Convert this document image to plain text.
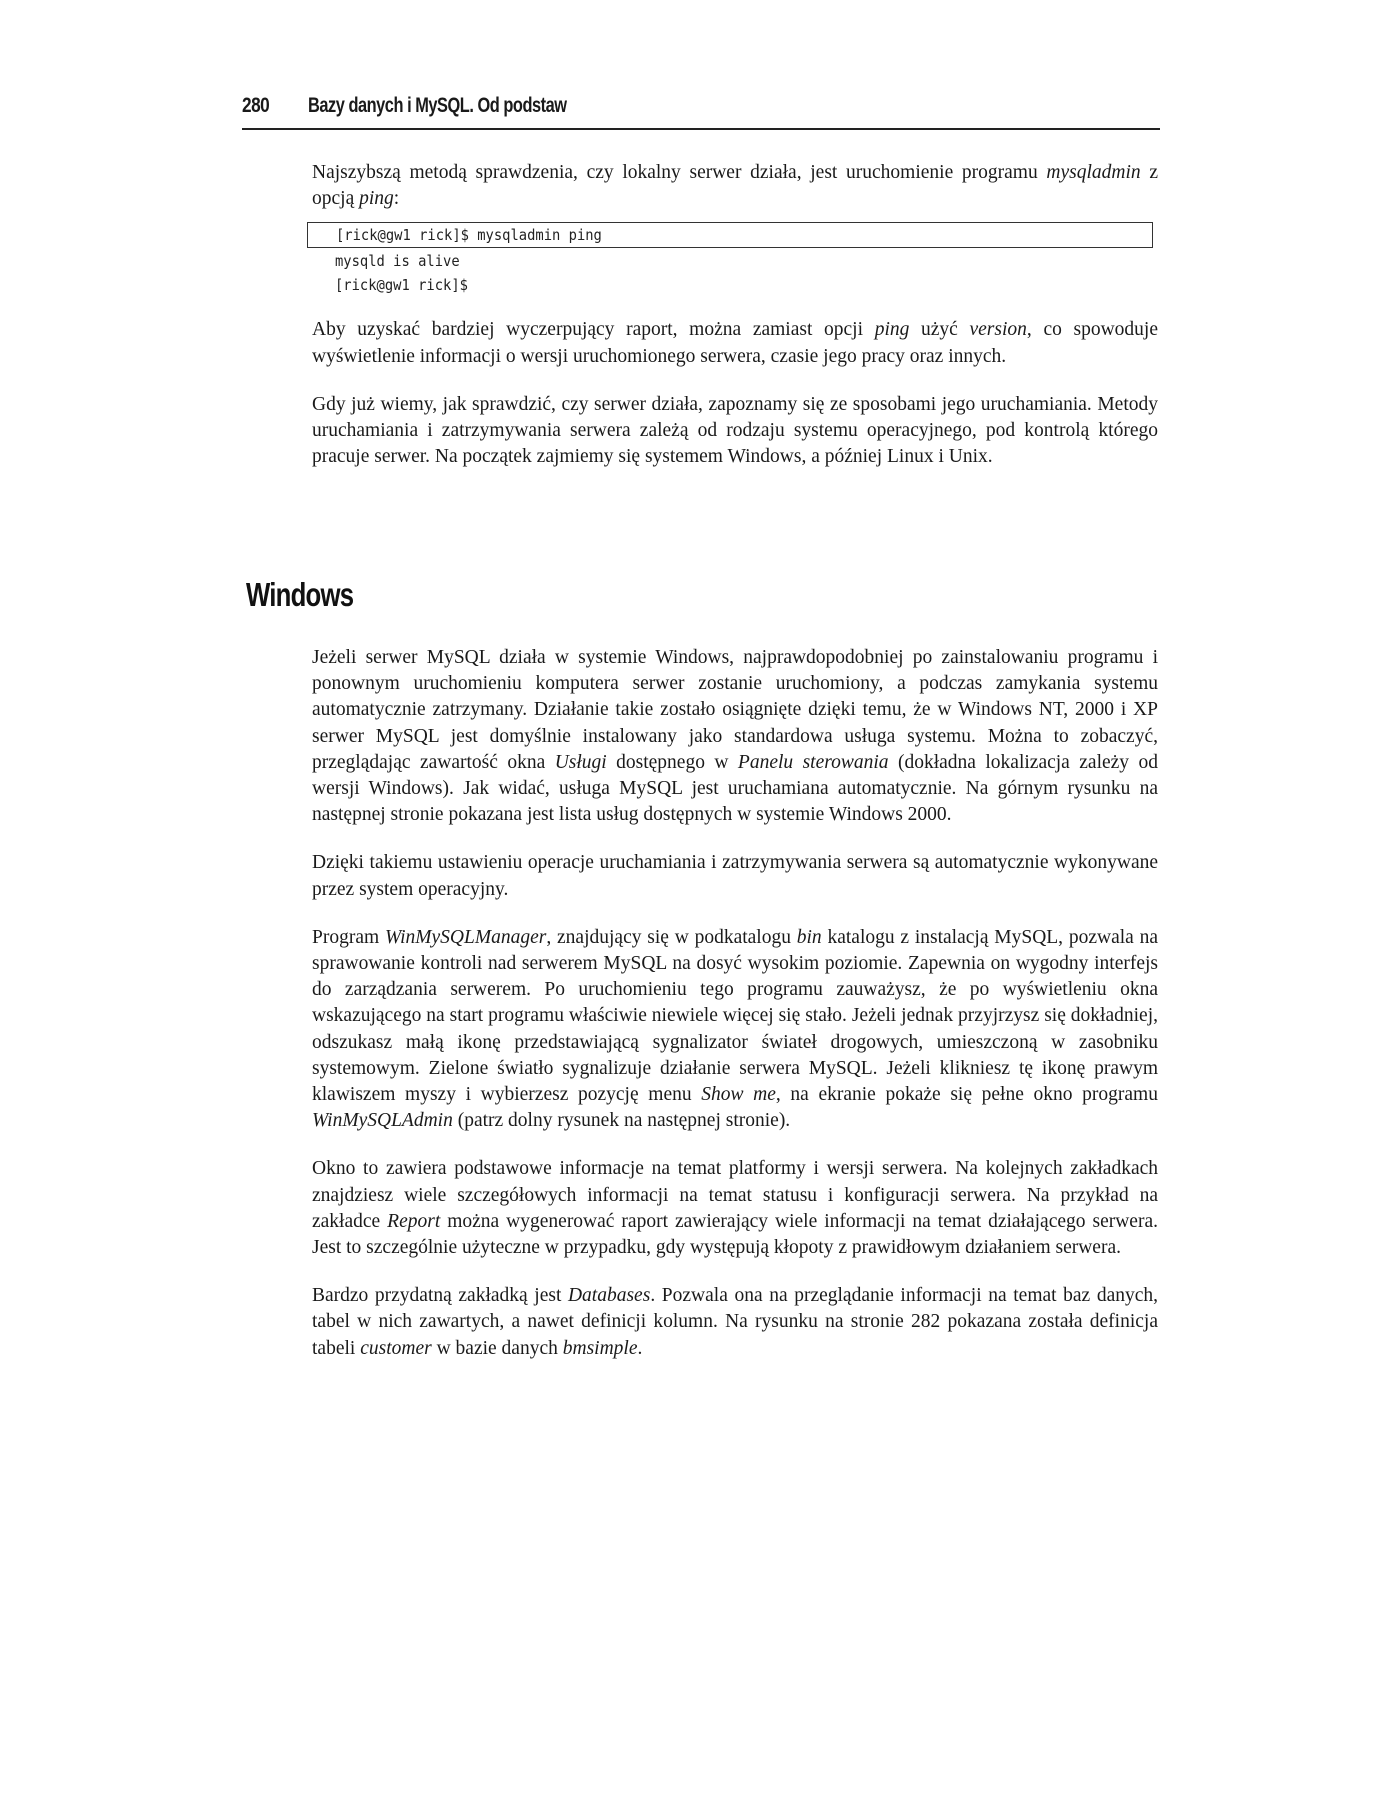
280 Bazy danych i MySQL. Od podstaw

Najszybszą metodą sprawdzenia, czy lokalny serwer działa, jest uruchomienie programu mysqladmin z opcją ping:

[rick@gw1 rick]$ mysqladmin ping
mysqld is alive
[rick@gw1 rick]$

Aby uzyskać bardziej wyczerpujący raport, można zamiast opcji ping użyć version, co spowoduje wyświetlenie informacji o wersji uruchomionego serwera, czasie jego pracy oraz innych.

Gdy już wiemy, jak sprawdzić, czy serwer działa, zapoznamy się ze sposobami jego uruchamiania. Metody uruchamiania i zatrzymywania serwera zależą od rodzaju systemu operacyjnego, pod kontrolą którego pracuje serwer. Na początek zajmiemy się systemem Windows, a później Linux i Unix.

Windows

Jeżeli serwer MySQL działa w systemie Windows, najprawdopodobniej po zainstalowaniu programu i ponownym uruchomieniu komputera serwer zostanie uruchomiony, a podczas zamykania systemu automatycznie zatrzymany. Działanie takie zostało osiągnięte dzięki temu, że w Windows NT, 2000 i XP serwer MySQL jest domyślnie instalowany jako standardowa usługa systemu. Można to zobaczyć, przeglądając zawartość okna Usługi dostępnego w Panelu sterowania (dokładna lokalizacja zależy od wersji Windows). Jak widać, usługa MySQL jest uruchamiana automatycznie. Na górnym rysunku na następnej stronie pokazana jest lista usług dostępnych w systemie Windows 2000.

Dzięki takiemu ustawieniu operacje uruchamiania i zatrzymywania serwera są automatycznie wykonywane przez system operacyjny.

Program WinMySQLManager, znajdujący się w podkatalogu bin katalogu z instalacją MySQL, pozwala na sprawowanie kontroli nad serwerem MySQL na dosyć wysokim poziomie. Zapewnia on wygodny interfejs do zarządzania serwerem. Po uruchomieniu tego programu zauważysz, że po wyświetleniu okna wskazującego na start programu właściwie niewiele więcej się stało. Jeżeli jednak przyjrzysz się dokładniej, odszukasz małą ikonę przedstawiającą sygnalizator świateł drogowych, umieszczoną w zasobniku systemowym. Zielone światło sygnalizuje działanie serwera MySQL. Jeżeli klikniesz tę ikonę prawym klawiszem myszy i wybierzesz pozycję menu Show me, na ekranie pokaże się pełne okno programu WinMySQLAdmin (patrz dolny rysunek na następnej stronie).

Okno to zawiera podstawowe informacje na temat platformy i wersji serwera. Na kolejnych zakładkach znajdziesz wiele szczegółowych informacji na temat statusu i konfiguracji serwera. Na przykład na zakładce Report można wygenerować raport zawierający wiele informacji na temat działającego serwera. Jest to szczególnie użyteczne w przypadku, gdy występują kłopoty z prawidłowym działaniem serwera.

Bardzo przydatną zakładką jest Databases. Pozwala ona na przeglądanie informacji na temat baz danych, tabel w nich zawartych, a nawet definicji kolumn. Na rysunku na stronie 282 pokazana została definicja tabeli customer w bazie danych bmsimple.
